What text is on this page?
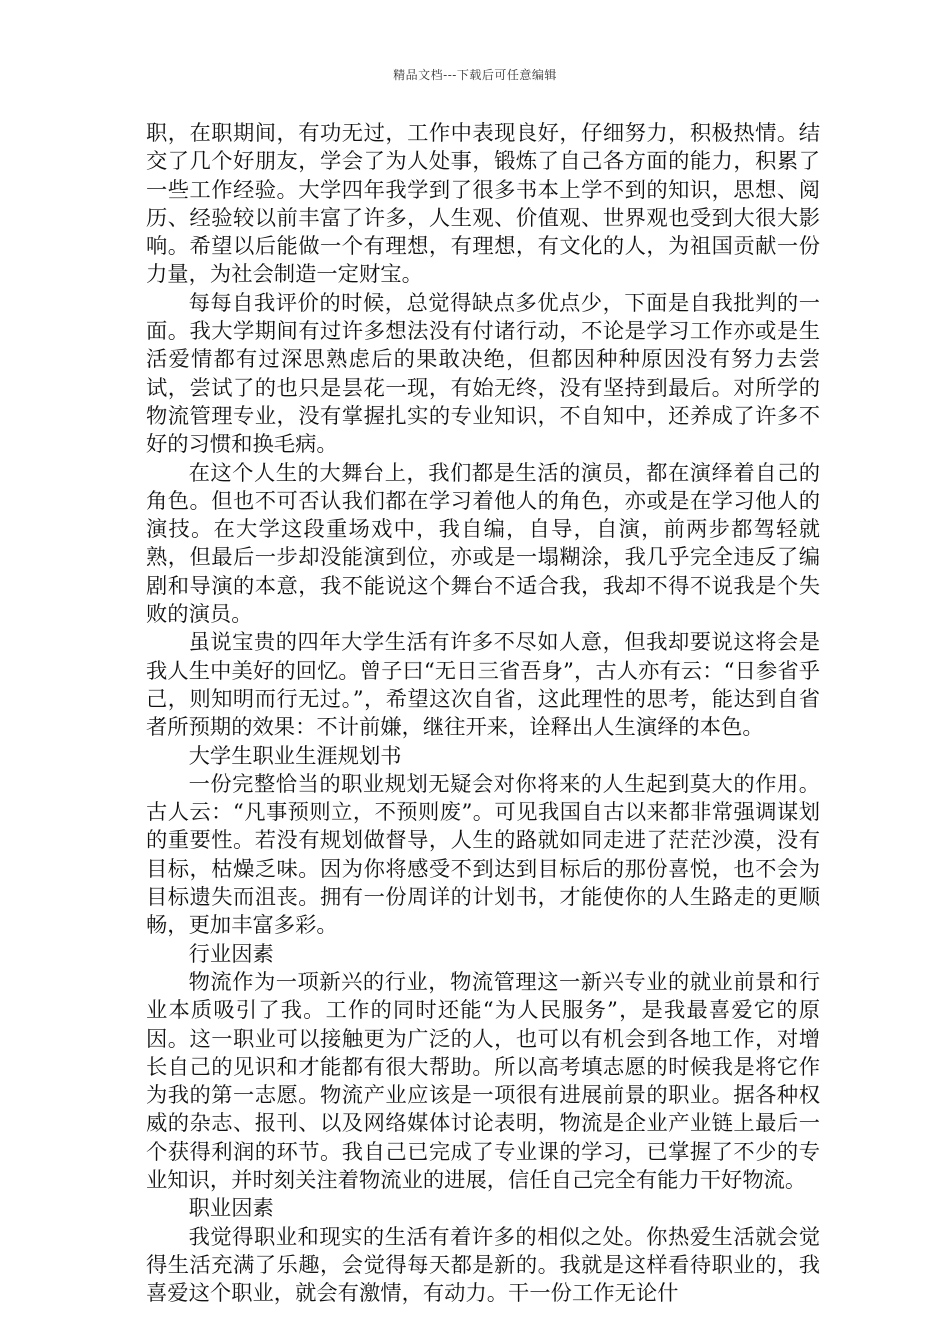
精品文档---下载后可任意编辑

职，在职期间，有功无过，工作中表现良好，仔细努力，积极热情。结交了几个好朋友，学会了为人处事，锻炼了自己各方面的能力，积累了一些工作经验。大学四年我学到了很多书本上学不到的知识，思想、阅历、经验较以前丰富了许多，人生观、价值观、世界观也受到大很大影响。希望以后能做一个有理想，有理想，有文化的人，为祖国贡献一份力量，为社会制造一定财宝。

每每自我评价的时候，总觉得缺点多优点少，下面是自我批判的一面。我大学期间有过许多想法没有付诸行动，不论是学习工作亦或是生活爱情都有过深思熟虑后的果敢决绝，但都因种种原因没有努力去尝试，尝试了的也只是昙花一现，有始无终，没有坚持到最后。对所学的物流管理专业，没有掌握扎实的专业知识，不自知中，还养成了许多不好的习惯和换毛病。

在这个人生的大舞台上，我们都是生活的演员，都在演绎着自己的角色。但也不可否认我们都在学习着他人的角色，亦或是在学习他人的演技。在大学这段重场戏中，我自编，自导，自演，前两步都驾轻就熟，但最后一步却没能演到位，亦或是一塌糊涂，我几乎完全违反了编剧和导演的本意，我不能说这个舞台不适合我，我却不得不说我是个失败的演员。

虽说宝贵的四年大学生活有许多不尽如人意，但我却要说这将会是我人生中美好的回忆。曾子曰“无日三省吾身”，古人亦有云：“日参省乎己，则知明而行无过。”，希望这次自省，这此理性的思考，能达到自省者所预期的效果：不计前嫌，继往开来，诠释出人生演绎的本色。

大学生职业生涯规划书

一份完整恰当的职业规划无疑会对你将来的人生起到莫大的作用。古人云：“凡事预则立，不预则废”。可见我国自古以来都非常强调谋划的重要性。若没有规划做督导，人生的路就如同走进了茫茫沙漠，没有目标，枯燥乏味。因为你将感受不到达到目标后的那份喜悦，也不会为目标遗失而沮丧。拥有一份周详的计划书，才能使你的人生路走的更顺畅，更加丰富多彩。

行业因素

物流作为一项新兴的行业，物流管理这一新兴专业的就业前景和行业本质吸引了我。工作的同时还能“为人民服务”，是我最喜爱它的原因。这一职业可以接触更为广泛的人，也可以有机会到各地工作，对增长自己的见识和才能都有很大帮助。所以高考填志愿的时候我是将它作为我的第一志愿。物流产业应该是一项很有进展前景的职业。据各种权威的杂志、报刊、以及网络媒体讨论表明，物流是企业产业链上最后一个获得利润的环节。我自己已完成了专业课的学习，已掌握了不少的专业知识，并时刻关注着物流业的进展，信任自己完全有能力干好物流。

职业因素

我觉得职业和现实的生活有着许多的相似之处。你热爱生活就会觉得生活充满了乐趣，会觉得每天都是新的。我就是这样看待职业的，我喜爱这个职业，就会有激情，有动力。干一份工作无论什
